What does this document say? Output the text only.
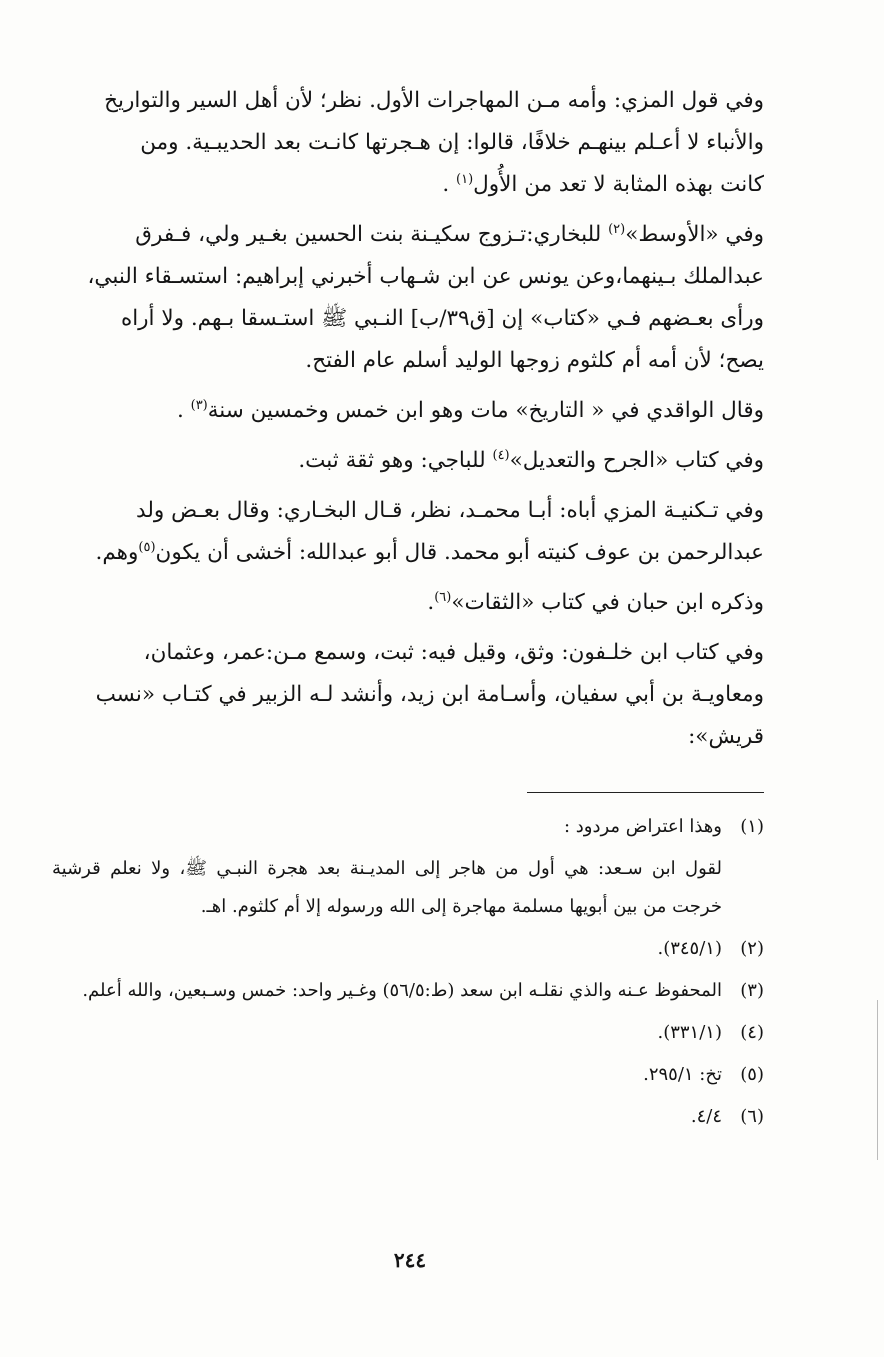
وفي قول المزي: وأمه مـن المهاجرات الأول. نظر؛ لأن أهل السير والتواريخ
والأنباء لا أعـلم بينهـم خلافًا، قالوا: إن هـجرتها كانـت بعد الحديبـية. ومن
كانت بهذه المثابة لا تعد من الأُول$^{(١)}$ .

وفي «الأوسط»$^{(٢)}$ للبخاري:تـزوج سكيـنة بنت الحسين بغـير ولي، فـفرق
عبدالملك بـينهما،وعن يونس عن ابن شـهاب أخبرني إبراهيم: استسـقاء النبي،
ورأى بعـضهم فـي «كتاب» إن [ق٣٩/ب] النـبي ﷺ استـسقا بـهم. ولا أراه
يصح؛ لأن أمه أم كلثوم زوجها الوليد أسلم عام الفتح.

وقال الواقدي في « التاريخ» مات وهو ابن خمس وخمسين سنة$^{(٣)}$ .

وفي كتاب «الجرح والتعديل»$^{(٤)}$ للباجي: وهو ثقة ثبت.

وفي تـكنيـة المزي أباه: أبـا محمـد، نظر، قـال البخـاري: وقال بعـض ولد
عبدالرحمن بن عوف كنيته أبو محمد. قال أبو عبدالله: أخشى أن يكون$^{(٥)}$وهم.

وذكره ابن حبان في كتاب «الثقات»$^{(٦)}$.

وفي كتاب ابن خلـفون: وثق، وقيل فيه: ثبت، وسمع مـن:عمر، وعثمان،
ومعاويـة بن أبي سفيان، وأسـامة ابن زيد، وأنشد لـه الزبير في كتـاب «نسب
قريش»:

(١)
وهذا اعتراض مردود :
لقول ابن سـعد: هي أول من هاجر إلى المديـنة بعد هجرة النبـي ﷺ، ولا نعلم قرشية خرجت من بين أبويها مسلمة مهاجرة إلى الله ورسوله إلا أم كلثوم. اهـ.
(٢)
(٣٤٥/١).
(٣)
المحفوظ عـنه والذي نقلـه ابن سعد (ط:٥٦/٥) وغـير واحد: خمس وسـبعين، والله أعلم.
(٤)
(٣٣١/١).
(٥)
تخ: ٢٩٥/١.
(٦)
٤/٤.
٢٤٤
